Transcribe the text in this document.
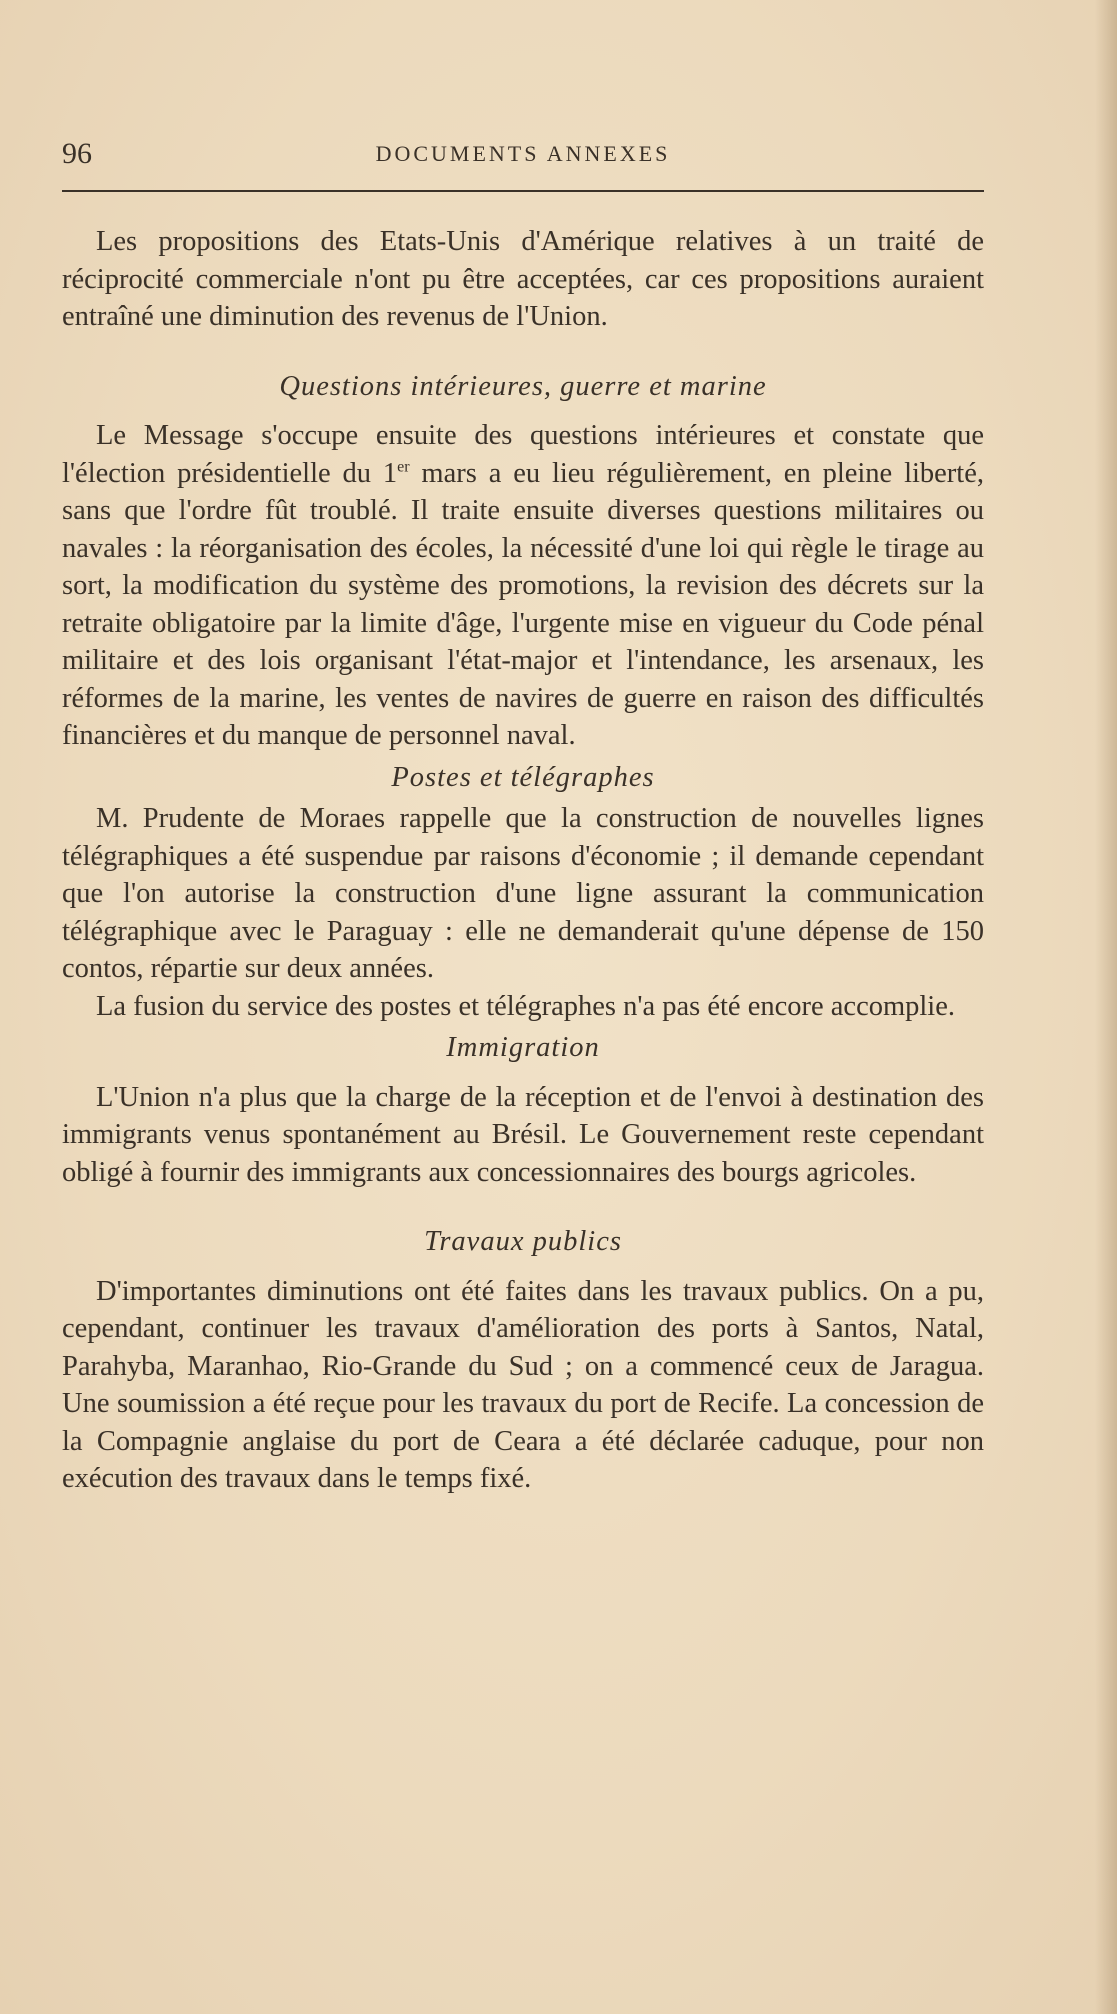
96	DOCUMENTS ANNEXES

Les propositions des Etats-Unis d'Amérique relatives à un traité de réciprocité commerciale n'ont pu être acceptées, car ces propositions auraient entraîné une diminution des revenus de l'Union.

Questions intérieures, guerre et marine

Le Message s'occupe ensuite des questions intérieures et constate que l'élection présidentielle du 1er mars a eu lieu régulièrement, en pleine liberté, sans que l'ordre fût troublé. Il traite ensuite diverses questions militaires ou navales : la réorganisation des écoles, la nécessité d'une loi qui règle le tirage au sort, la modification du système des promotions, la revision des décrets sur la retraite obligatoire par la limite d'âge, l'urgente mise en vigueur du Code pénal militaire et des lois organisant l'état-major et l'intendance, les arsenaux, les réformes de la marine, les ventes de navires de guerre en raison des difficultés financières et du manque de personnel naval.

Postes et télégraphes

M. Prudente de Moraes rappelle que la construction de nouvelles lignes télégraphiques a été suspendue par raisons d'économie ; il demande cependant que l'on autorise la construction d'une ligne assurant la communication télégraphique avec le Paraguay : elle ne demanderait qu'une dépense de 150 contos, répartie sur deux années.

La fusion du service des postes et télégraphes n'a pas été encore accomplie.

Immigration

L'Union n'a plus que la charge de la réception et de l'envoi à destination des immigrants venus spontanément au Brésil. Le Gouvernement reste cependant obligé à fournir des immigrants aux concessionnaires des bourgs agricoles.

Travaux publics

D'importantes diminutions ont été faites dans les travaux publics. On a pu, cependant, continuer les travaux d'amélioration des ports à Santos, Natal, Parahyba, Maranhao, Rio-Grande du Sud ; on a commencé ceux de Jaragua. Une soumission a été reçue pour les travaux du port de Recife. La concession de la Compagnie anglaise du port de Ceara a été déclarée caduque, pour non exécution des travaux dans le temps fixé.
